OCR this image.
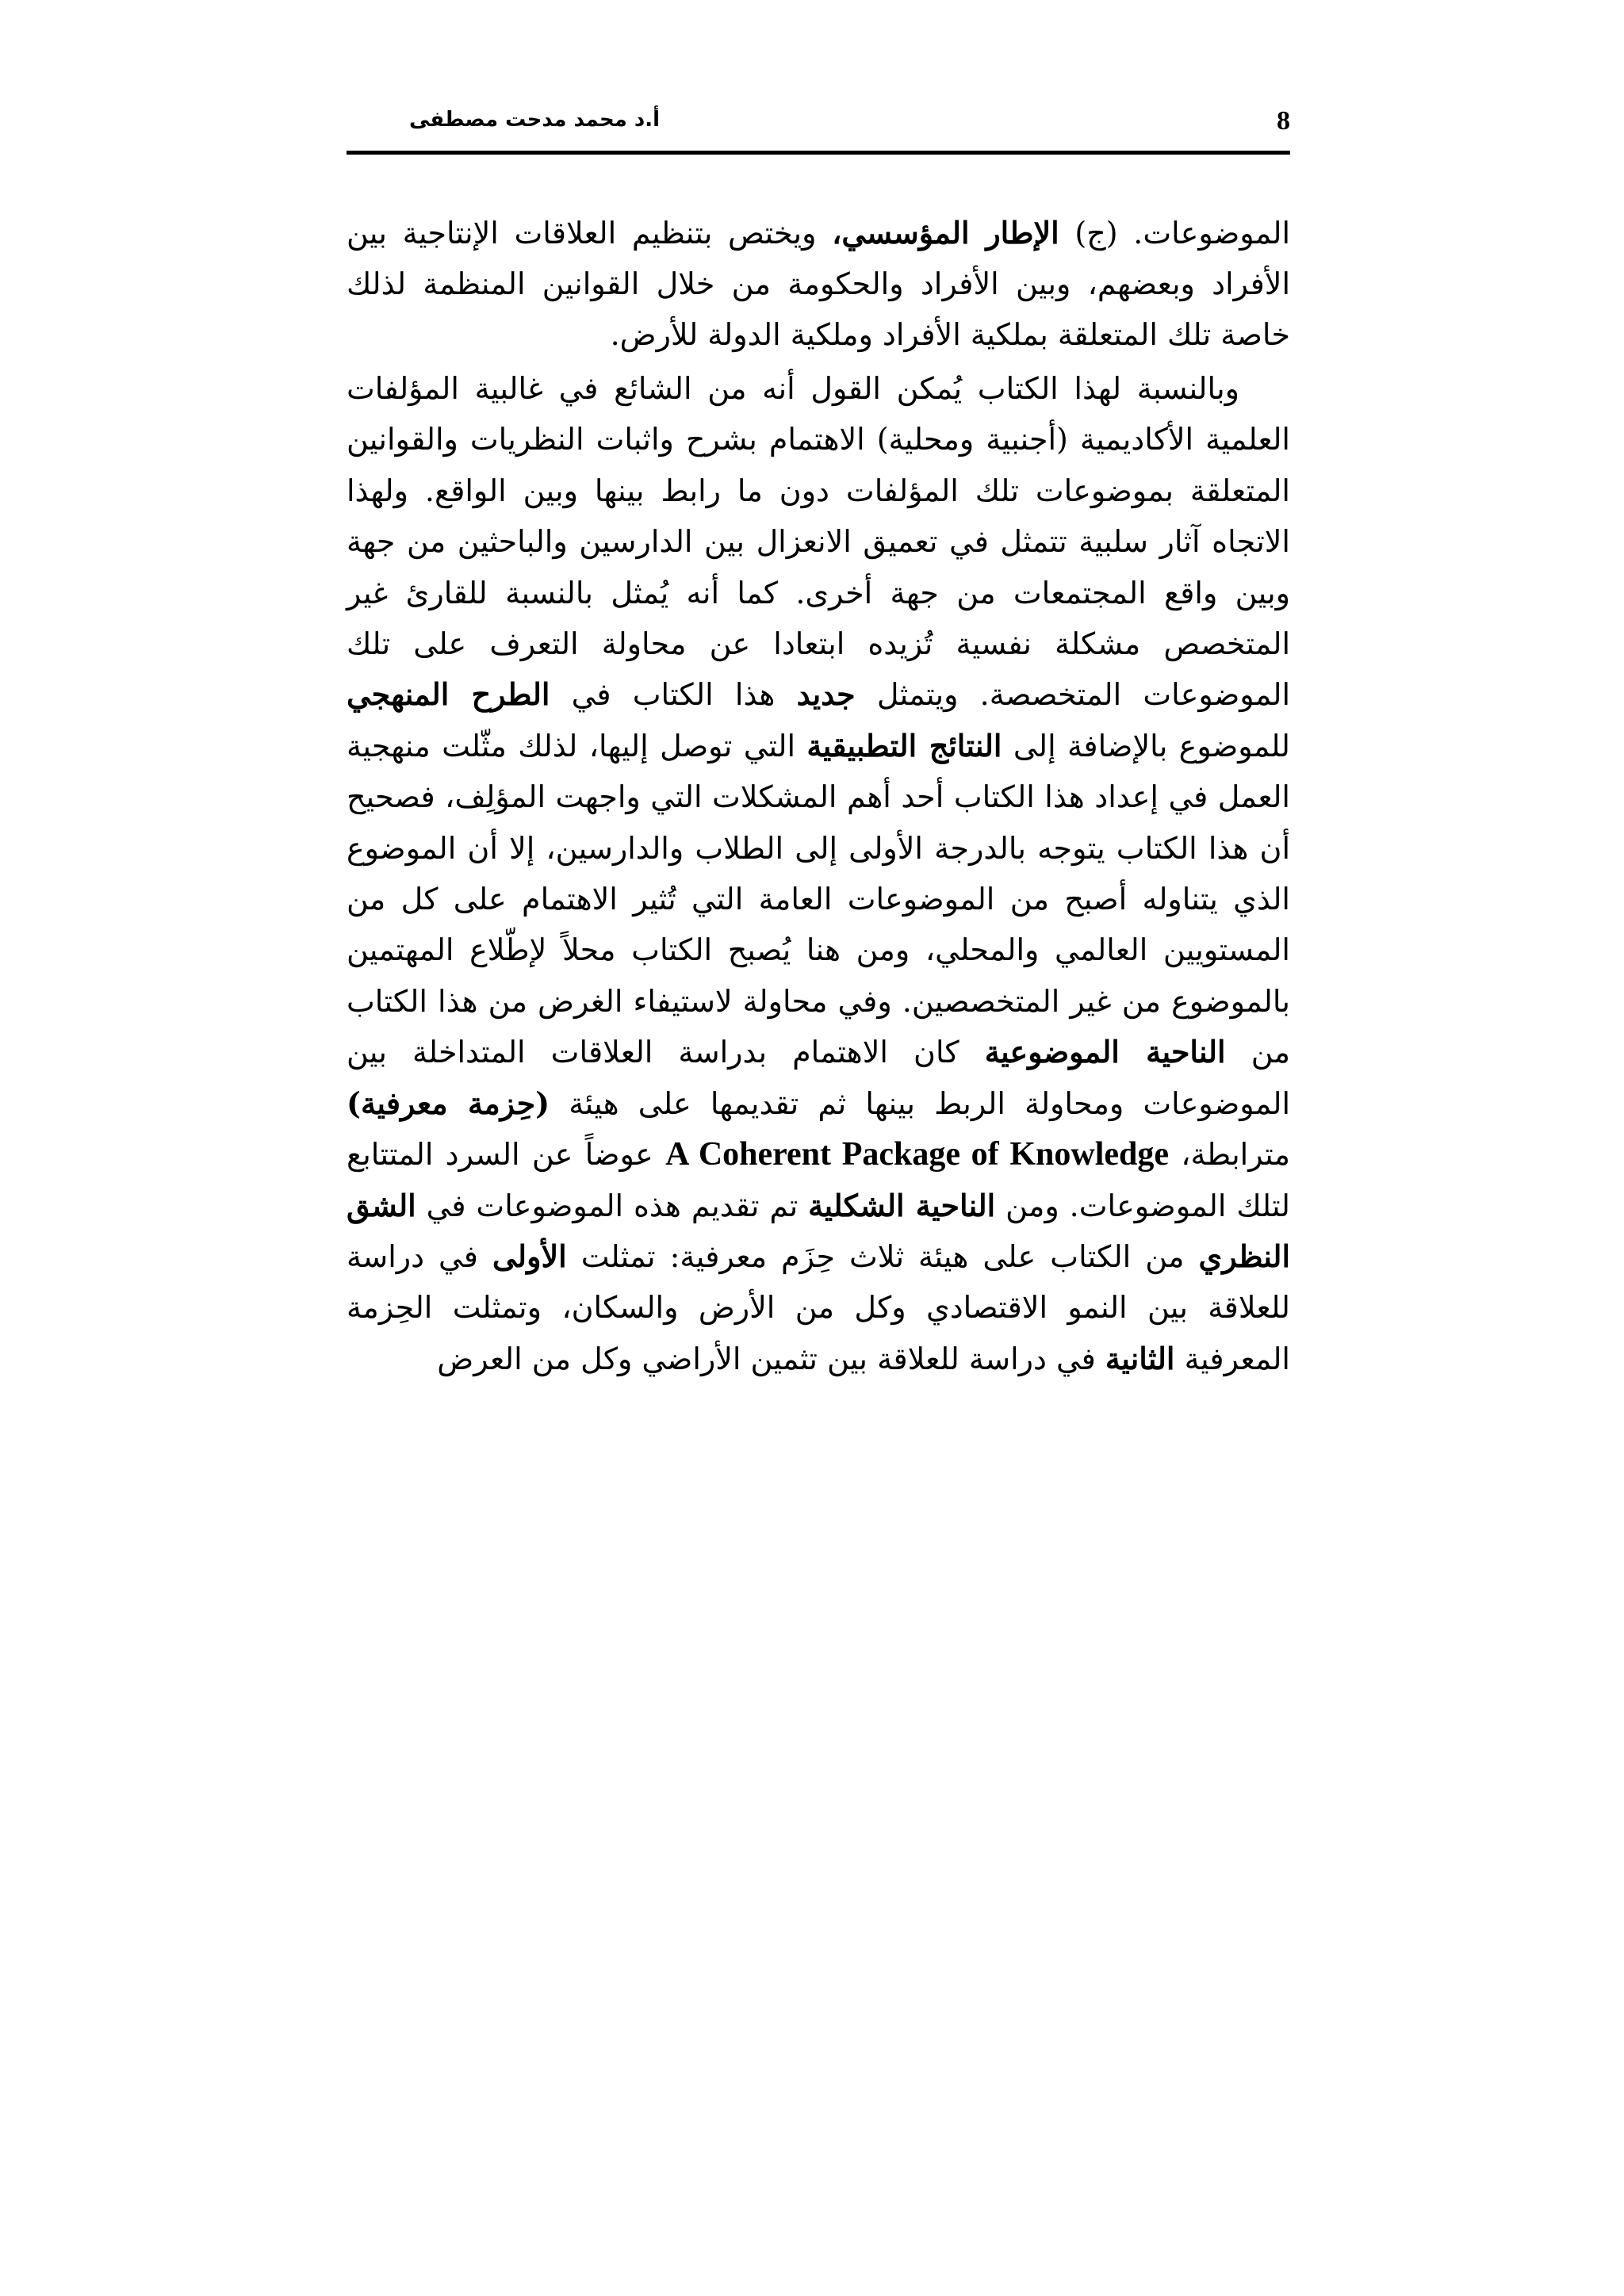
8
أ.د محمد مدحت مصطفى

الموضوعات. (ج) الإطار المؤسسي، ويختص بتنظيم العلاقات الإنتاجية بين الأفراد وبعضهم، وبين الأفراد والحكومة من خلال القوانين المنظمة لذلك خاصة تلك المتعلقة بملكية الأفراد وملكية الدولة للأرض.

وبالنسبة لهذا الكتاب يُمكن القول أنه من الشائع في غالبية المؤلفات العلمية الأكاديمية (أجنبية ومحلية) الاهتمام بشرح واثبات النظريات والقوانين المتعلقة بموضوعات تلك المؤلفات دون ما رابط بينها وبين الواقع. ولهذا الاتجاه آثار سلبية تتمثل في تعميق الانعزال بين الدارسين والباحثين من جهة وبين واقع المجتمعات من جهة أخرى. كما أنه يُمثل بالنسبة للقارئ غير المتخصص مشكلة نفسية تُزيده ابتعادا عن محاولة التعرف على تلك الموضوعات المتخصصة. ويتمثل جديد هذا الكتاب في الطرح المنهجي للموضوع بالإضافة إلى النتائج التطبيقية التي توصل إليها، لذلك مثّلت منهجية العمل في إعداد هذا الكتاب أحد أهم المشكلات التي واجهت المؤلِف، فصحيح أن هذا الكتاب يتوجه بالدرجة الأولى إلى الطلاب والدارسين، إلا أن الموضوع الذي يتناوله أصبح من الموضوعات العامة التي تُثير الاهتمام على كل من المستويين العالمي والمحلي، ومن هنا يُصبح الكتاب محلاً لإطّلاع المهتمين بالموضوع من غير المتخصصين. وفي محاولة لاستيفاء الغرض من هذا الكتاب من الناحية الموضوعية كان الاهتمام بدراسة العلاقات المتداخلة بين الموضوعات ومحاولة الربط بينها ثم تقديمها على هيئة (حِزمة معرفية) مترابطة، A Coherent Package of Knowledge عوضاً عن السرد المتتابع لتلك الموضوعات. ومن الناحية الشكلية تم تقديم هذه الموضوعات في الشق النظري من الكتاب على هيئة ثلاث حِزَم معرفية: تمثلت الأولى في دراسة للعلاقة بين النمو الاقتصادي وكل من الأرض والسكان، وتمثلت الحِزمة المعرفية الثانية في دراسة للعلاقة بين تثمين الأراضي وكل من العرض
